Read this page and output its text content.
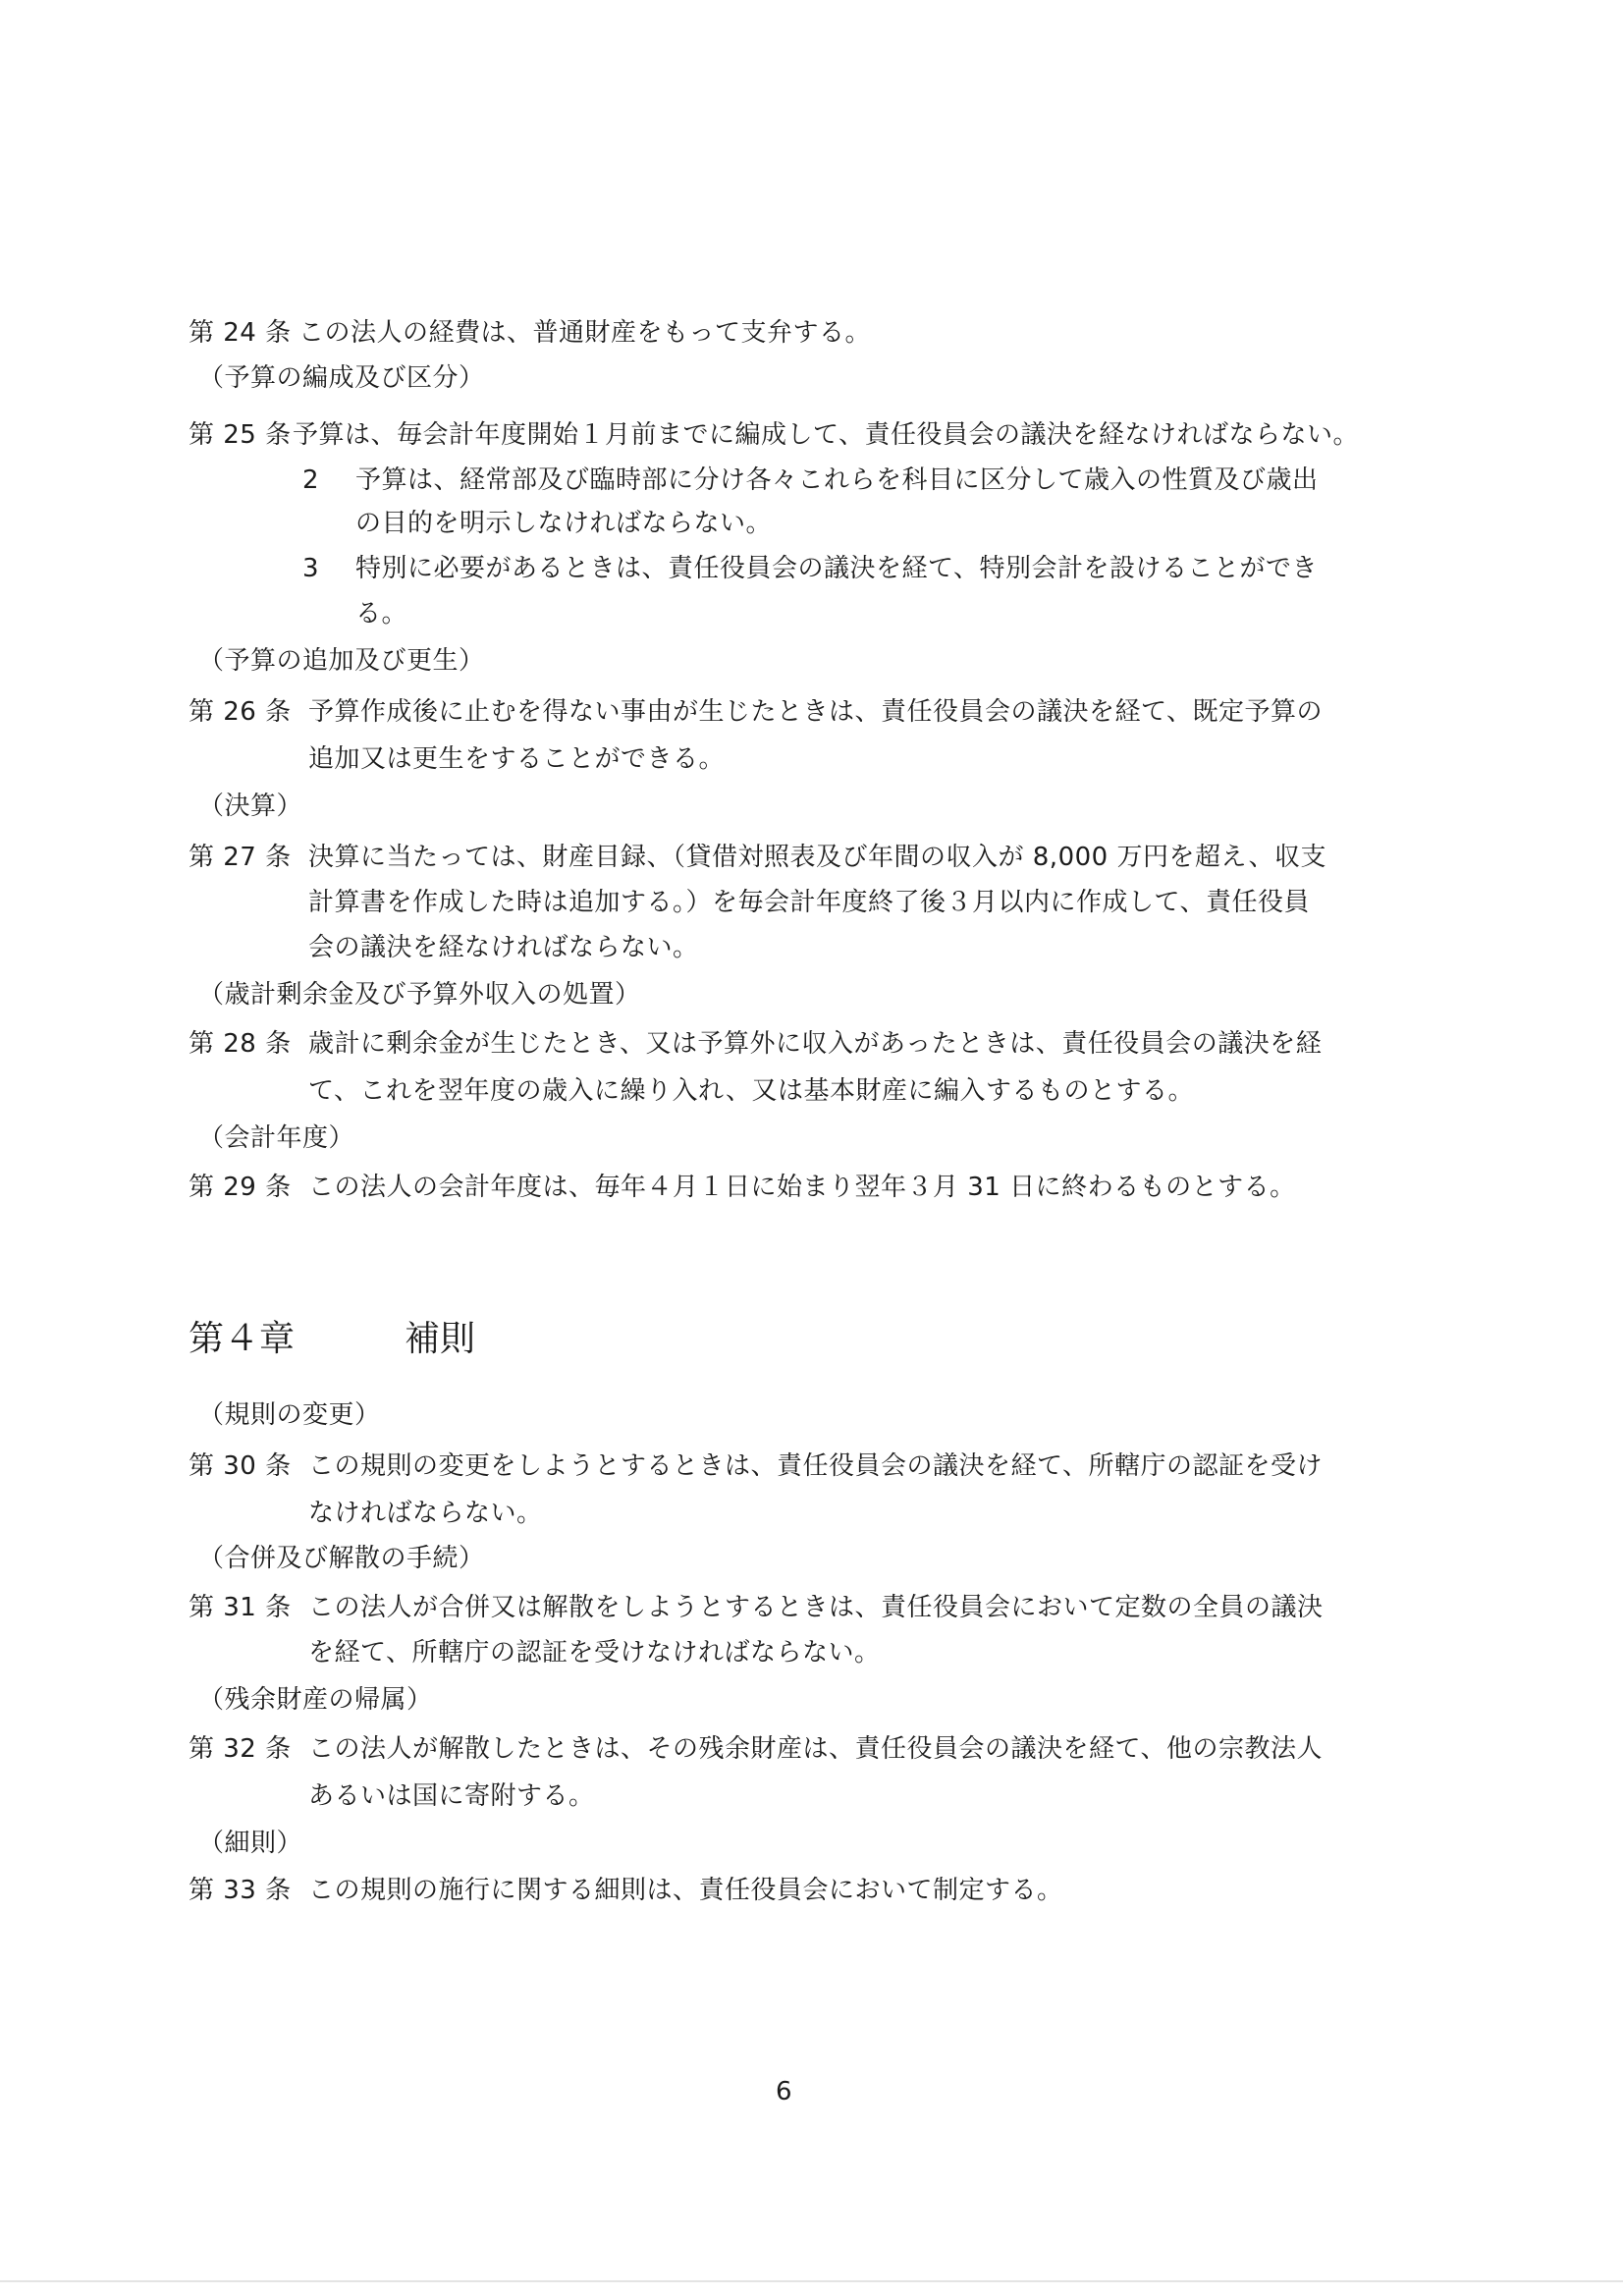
第 24 条 この法人の経費は、普通財産をもって支弁する。
（予算の編成及び区分）
第 25 条 予算は、毎会計年度開始１月前までに編成して、責任役員会の議決を経なければならない。
2 予算は、経常部及び臨時部に分け各々これらを科目に区分して歳入の性質及び歳出
の目的を明示しなければならない。
3 特別に必要があるときは、責任役員会の議決を経て、特別会計を設けることができ
る。
（予算の追加及び更生）
第 26 条 予算作成後に止むを得ない事由が生じたときは、責任役員会の議決を経て、既定予算の
追加又は更生をすることができる。
（決算）
第 27 条 決算に当たっては、財産目録、（貸借対照表及び年間の収入が 8,000 万円を超え、収支
計算書を作成した時は追加する。）を毎会計年度終了後３月以内に作成して、責任役員
会の議決を経なければならない。
（歳計剰余金及び予算外収入の処置）
第 28 条 歳計に剰余金が生じたとき、又は予算外に収入があったときは、責任役員会の議決を経
て、これを翌年度の歳入に繰り入れ、又は基本財産に編入するものとする。
（会計年度）
第 29 条 この法人の会計年度は、毎年４月１日に始まり翌年３月 31 日に終わるものとする。
第４章	補則
（規則の変更）
第 30 条 この規則の変更をしようとするときは、責任役員会の議決を経て、所轄庁の認証を受け
なければならない。
（合併及び解散の手続）
第 31 条 この法人が合併又は解散をしようとするときは、責任役員会において定数の全員の議決
を経て、所轄庁の認証を受けなければならない。
（残余財産の帰属）
第 32 条 この法人が解散したときは、その残余財産は、責任役員会の議決を経て、他の宗教法人
あるいは国に寄附する。
（細則）
第 33 条 この規則の施行に関する細則は、責任役員会において制定する。
6
